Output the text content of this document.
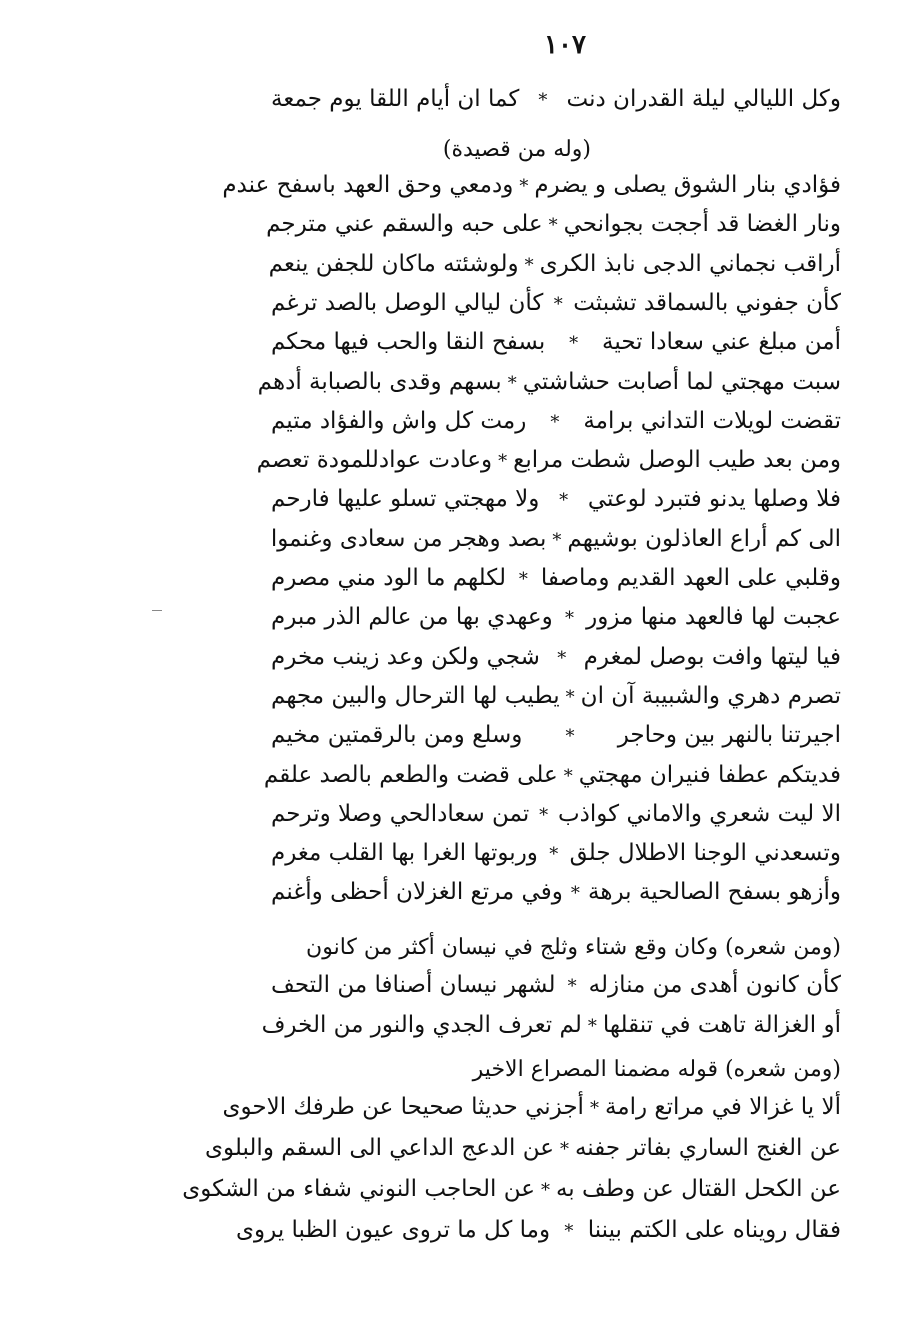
١٠٧
وكل الليالي ليلة القدران دنت
*
كما ان أيام اللقا يوم جمعة
(وله من قصيدة)
فؤادي بنار الشوق يصلى و يضرم
*
ودمعي وحق العهد باسفح عندم
ونار الغضا قد أججت بجوانحي
*
على حبه والسقم عني مترجم
أراقب نجماني الدجى نابذ الكرى
*
ولوشئته ماكان للجفن ينعم
كأن جفوني بالسماقد تشبثت
*
كأن ليالي الوصل بالصد ترغم
أمن مبلغ عني سعادا تحية
*
بسفح النقا والحب فيها محكم
سبت مهجتي لما أصابت حشاشتي
*
بسهم وقدى بالصبابة أدهم
تقضت لويلات التداني برامة
*
رمت كل واش والفؤاد متيم
ومن بعد طيب الوصل شطت مرابع
*
وعادت عوادللمودة تعصم
فلا وصلها يدنو فتبرد لوعتي
*
ولا مهجتي تسلو عليها فارحم
الى كم أراع العاذلون بوشيهم
*
بصد وهجر من سعادى وغنموا
وقلبي على العهد القديم وماصفا
*
لكلهم ما الود مني مصرم
عجبت لها فالعهد منها مزور
*
وعهدي بها من عالم الذر مبرم
فيا ليتها وافت بوصل لمغرم
*
شجي ولكن وعد زينب مخرم
تصرم دهري والشبيبة آن ان
*
يطيب لها الترحال والبين مجهم
اجيرتنا بالنهر بين وحاجر
*
وسلع ومن بالرقمتين مخيم
فديتكم عطفا فنيران مهجتي
*
على قضت والطعم بالصد علقم
الا ليت شعري والاماني كواذب
*
تمن سعادالحي وصلا وترحم
وتسعدني الوجنا الاطلال جلق
*
وربوتها الغرا بها القلب مغرم
وأزهو بسفح الصالحية برهة
*
وفي مرتع الغزلان أحظى وأغنم
(ومن شعره) وكان وقع شتاء وثلج في نيسان أكثر من كانون
كأن كانون أهدى من منازله
*
لشهر نيسان أصنافا من التحف
أو الغزالة تاهت في تنقلها
*
لم تعرف الجدي والنور من الخرف
(ومن شعره) قوله مضمنا المصراع الاخير
ألا يا غزالا في مراتع رامة
*
أجزني حديثا صحيحا عن طرفك الاحوى
عن الغنج الساري بفاتر جفنه
*
عن الدعج الداعي الى السقم والبلوى
عن الكحل القتال عن وطف به
*
عن الحاجب النوني شفاء من الشكوى
فقال رويناه على الكتم بيننا
*
وما كل ما تروى عيون الظبا يروى
